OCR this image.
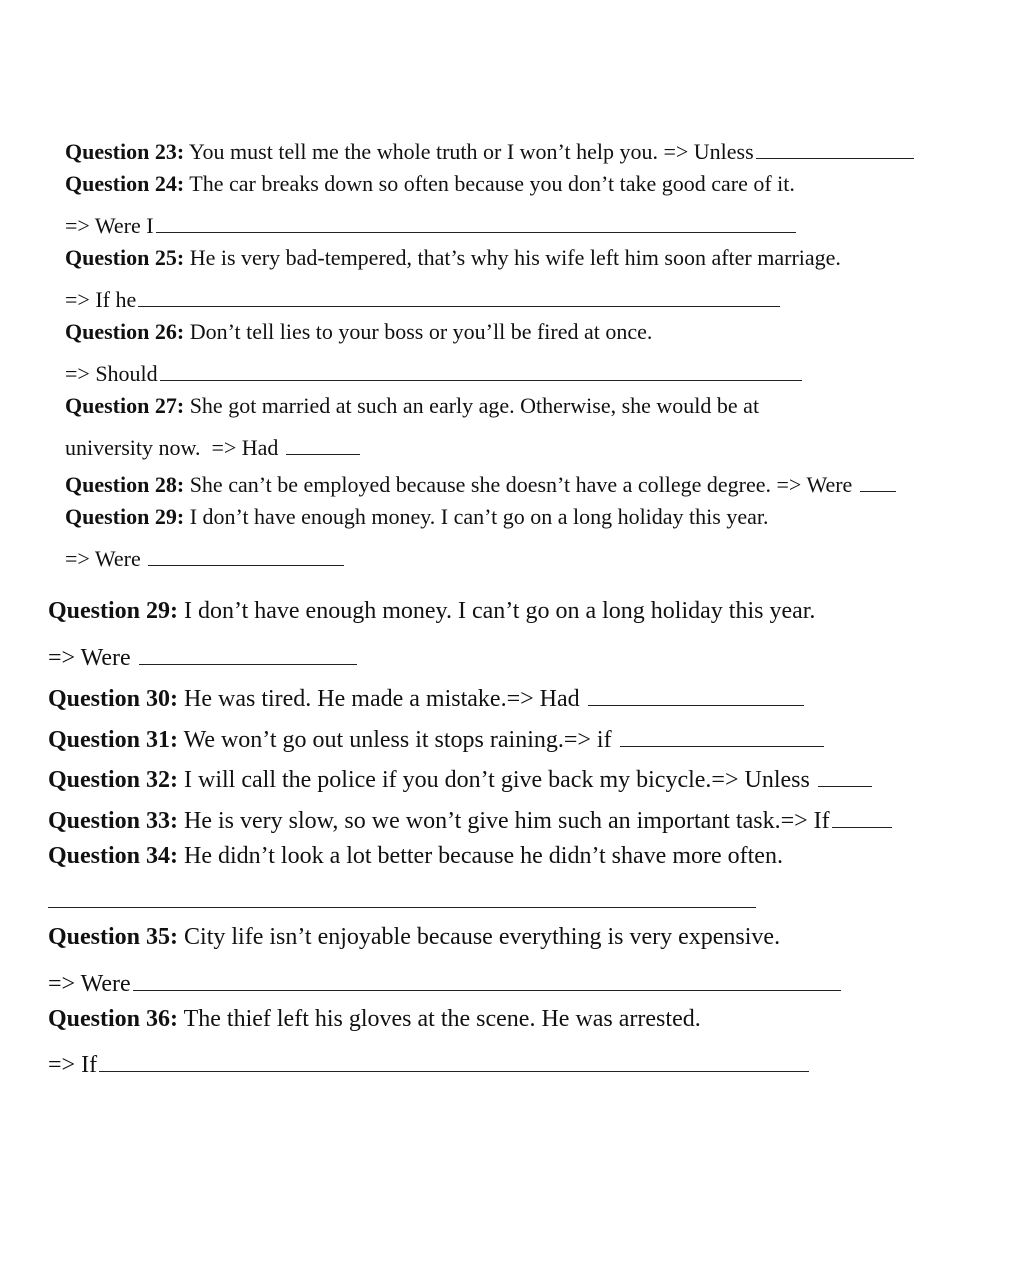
Question 23: You must tell me the whole truth or I won’t help you. => Unless
Question 24: The car breaks down so often because you don’t take good care of it.
=> Were I
Question 25: He is very bad-tempered, that’s why his wife left him soon after marriage.
=> If he
Question 26: Don’t tell lies to your boss or you’ll be fired at once.
=> Should
Question 27: She got married at such an early age. Otherwise, she would be at
university now.  => Had
Question 28: She can’t be employed because she doesn’t have a college degree. => Were
Question 29: I don’t have enough money. I can’t go on a long holiday this year.
=> Were
Question 29: I don’t have enough money. I can’t go on a long holiday this year.
=> Were
Question 30: He was tired. He made a mistake.=> Had
Question 31: We won’t go out unless it stops raining.=> if
Question 32: I will call the police if you don’t give back my bicycle.=> Unless
Question 33: He is very slow, so we won’t give him such an important task.=> If
Question 34: He didn’t look a lot better because he didn’t shave more often.
Question 35: City life isn’t enjoyable because everything is very expensive.
=> Were
Question 36: The thief left his gloves at the scene. He was arrested.
=> If
